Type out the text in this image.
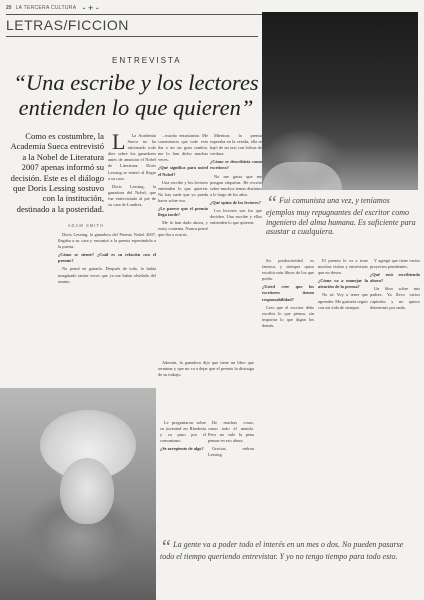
20 LA TERCERA CULTURA - + -
LETRAS/FICCION
ENTREVISTA
“Una escribe y los lectores entienden lo que quieren”
Como es costumbre, la Academia Sueca entrevistó a la Nobel de Literatura 2007 apenas informó su decisión. Este es el diálogo que Doris Lessing sostuvo con la institución, destinado a la posteridad.
ADAM SMITH

L La Academia Sueca no ha informado todo diez sobre los ganadores antes de anunciar el Nobel de Literatura: Doris Lessing se enteró al llegar a su casa.

Doris Lessing, la ganadora del Nobel, que fue entrevistada al pie de su casa de Londres.

Doris Lessing, la ganadora del Premio Nobel 2007, llegaba a su casa y encontró a la prensa esperándola a la puerta.

¿Cómo se siente? ¿Cuál es su relación con el premio?

No pensé en ganarlo. Después de todo, lo había imaginado tantas veces que ya me había olvidado del asunto.

...mucho entusiasmo. Me comentaron que todo esto iba a ser un gran cambio, me lo han dicho muchas veces.

¿Qué significa para usted el Nobel?

Una escribe y los lectores entienden lo que quieren. No hay nada que yo pueda hacer sobre eso.

¿Le parece que el premio llega tarde?

Me lo han dado ahora, y estoy contenta. Nunca pensé que iba a ocurrir.

Además, la ganadora dijo que tiene un libro que terminar y que no va a dejar que el premio la distraiga de su trabajo.

Mientras la prensa esperaba en la vereda, ella se bajó de un taxi con bolsas de verdura.

¿Cómo se describiría como escritora?

No me gusta que me pongan etiquetas. He escrito sobre muchos temas distintos a lo largo de los años.

¿Qué opina de los lectores?

Los lectores son los que deciden. Una escribe y ellos entienden lo que quieren.

“ Fui comunista una vez, y teníamos ejemplos muy repugnantes del escritor como ingeniero del alma humana. Es suficiente para asustar a cualquiera.

Su productividad es famosa, y siempre quiso escribir más libros de los que podía.

¿Usted cree que los escritores tienen responsabilidad?

Creo que el escritor debe escribir lo que piensa, sin importar lo que digan los demás.

El premio le va a traer muchas visitas y entrevistas que no desea.

¿Cómo va a manejar la atención de la prensa?

No sé. Voy a tener que aprender. Me gustaría seguir con mi vida de siempre.

Y agregó que tiene varios proyectos pendientes.

¿Qué está escribiendo ahora?

Un libro sobre mis padres. Ya llevo varios capítulos y no quiero detenerme por nada.

Le preguntaron sobre su juventud en Rhodesia y su paso por el comunismo.

¿Se arrepiente de algo?

De muchas cosas, como todo el mundo. Pero no vale la pena pensar en eso ahora.

Gracias, señora Lessing.

“ La gente va a poder todo el interés en un mes o dos. No pueden pasarse todo el tiempo queriendo entrevistar. Y yo no tengo tiempo para todo esto.
